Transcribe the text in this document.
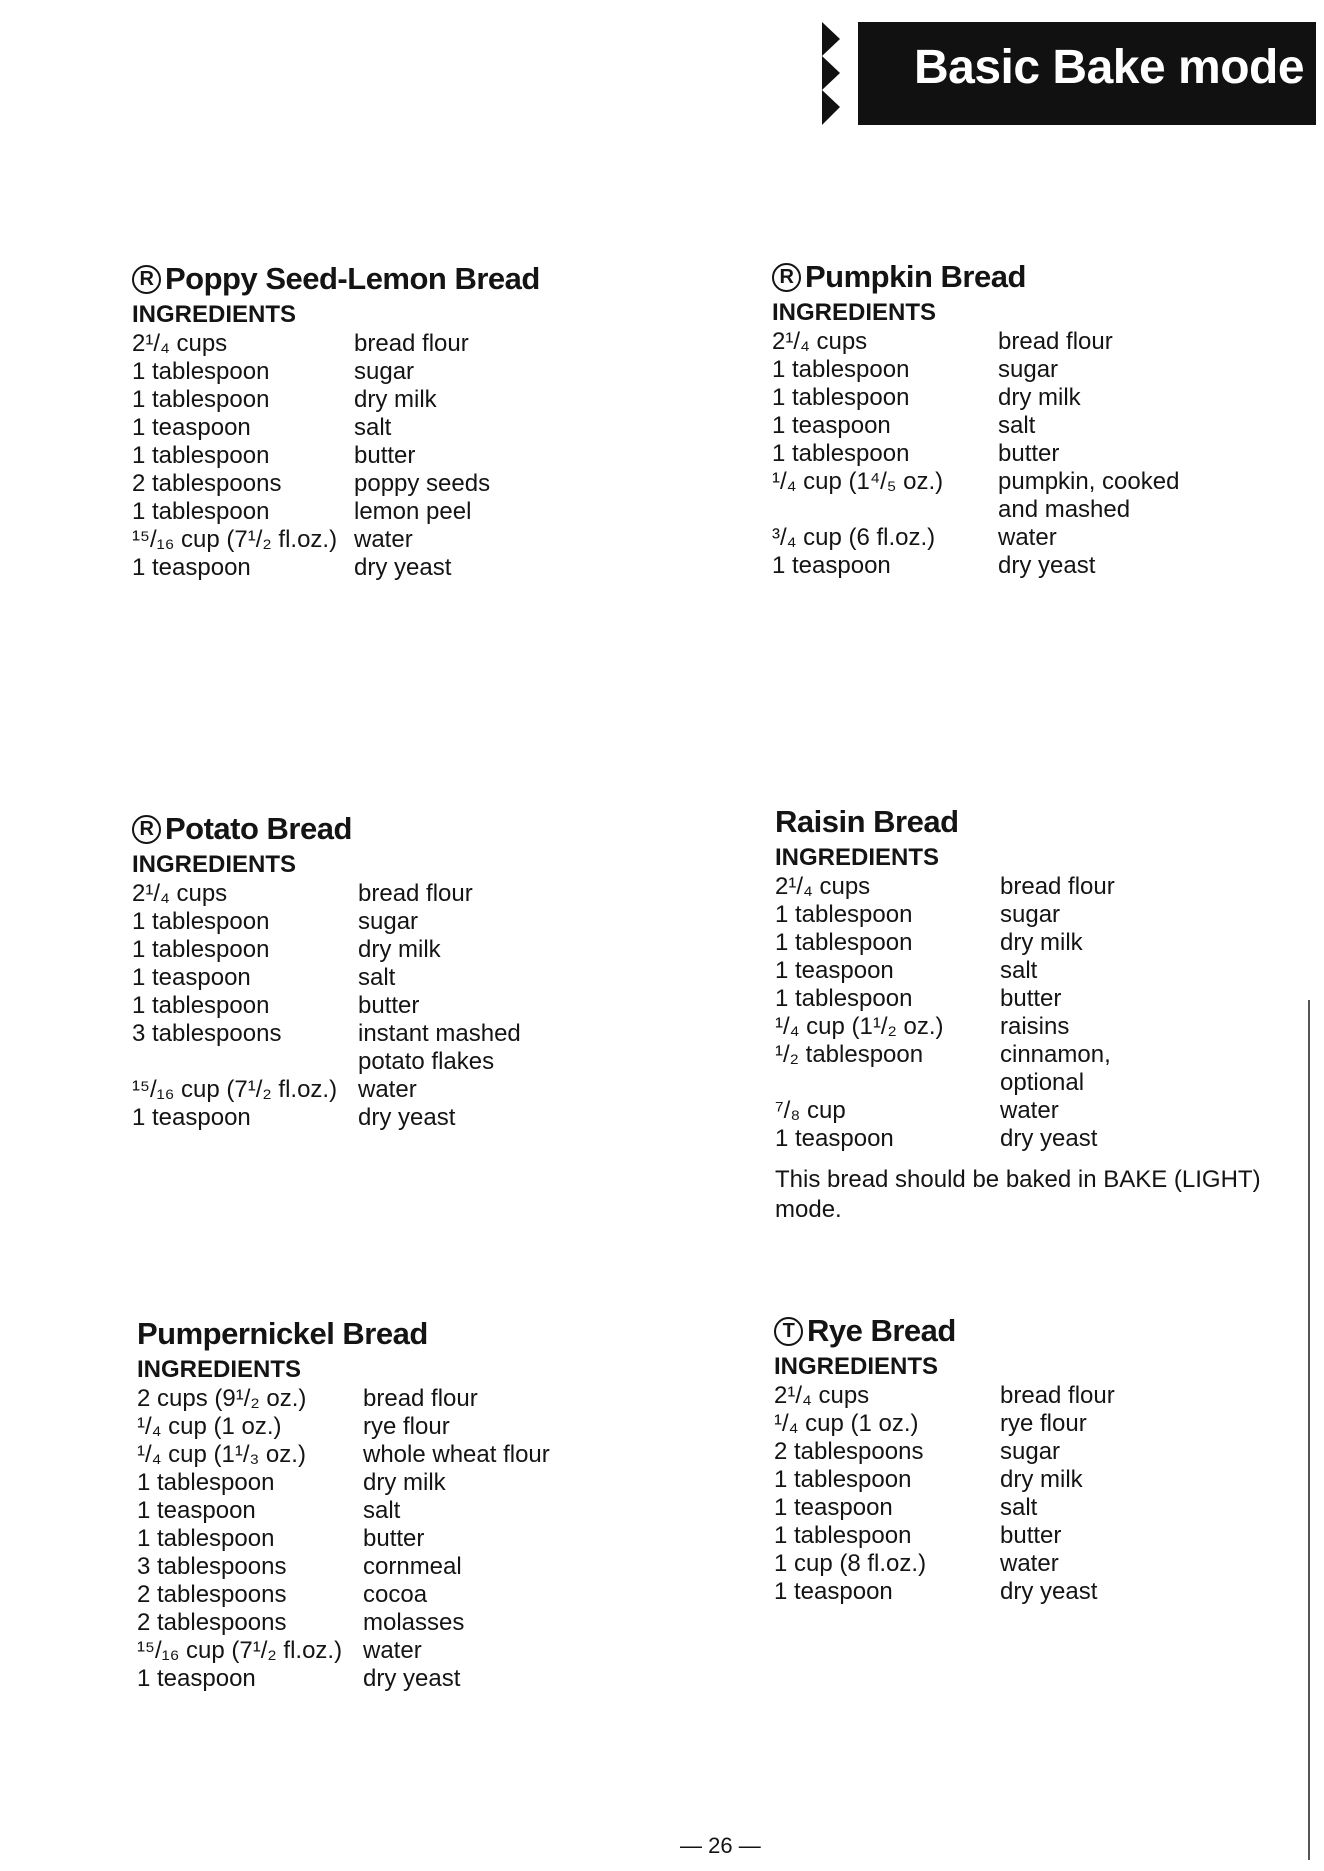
Basic Bake mode
R Poppy Seed-Lemon Bread
INGREDIENTS
2¹/₄ cups	bread flour
1 tablespoon	sugar
1 tablespoon	dry milk
1 teaspoon	salt
1 tablespoon	butter
2 tablespoons	poppy seeds
1 tablespoon	lemon peel
¹⁵/₁₆ cup (7¹/₂ fl.oz.) water
1 teaspoon	dry yeast
R Pumpkin Bread
INGREDIENTS
2¹/₄ cups	bread flour
1 tablespoon	sugar
1 tablespoon	dry milk
1 teaspoon	salt
1 tablespoon	butter
¹/₄ cup (1⁴/₅ oz.)	pumpkin, cooked
and mashed
³/₄ cup (6 fl.oz.)	water
1 teaspoon	dry yeast
R Potato Bread
INGREDIENTS
2¹/₄ cups	bread flour
1 tablespoon	sugar
1 tablespoon	dry milk
1 teaspoon	salt
1 tablespoon	butter
3 tablespoons	instant mashed
potato flakes
¹⁵/₁₆ cup (7¹/₂ fl.oz.) water
1 teaspoon	dry yeast
Raisin Bread
INGREDIENTS
2¹/₄ cups	bread flour
1 tablespoon	sugar
1 tablespoon	dry milk
1 teaspoon	salt
1 tablespoon	butter
¹/₄ cup (1¹/₂ oz.)	raisins
¹/₂ tablespoon	cinnamon,
optional
⁷/₈ cup	water
1 teaspoon	dry yeast
This bread should be baked in BAKE (LIGHT) mode.
Pumpernickel Bread
INGREDIENTS
2 cups (9¹/₂ oz.)	bread flour
¹/₄ cup (1 oz.)	rye flour
¹/₄ cup (1¹/₃ oz.)	whole wheat flour
1 tablespoon	dry milk
1 teaspoon	salt
1 tablespoon	butter
3 tablespoons	cornmeal
2 tablespoons	cocoa
2 tablespoons	molasses
¹⁵/₁₆ cup (7¹/₂ fl.oz.) water
1 teaspoon	dry yeast
T Rye Bread
INGREDIENTS
2¹/₄ cups	bread flour
¹/₄ cup (1 oz.)	rye flour
2 tablespoons	sugar
1 tablespoon	dry milk
1 teaspoon	salt
1 tablespoon	butter
1 cup (8 fl.oz.)	water
1 teaspoon	dry yeast
— 26 —
